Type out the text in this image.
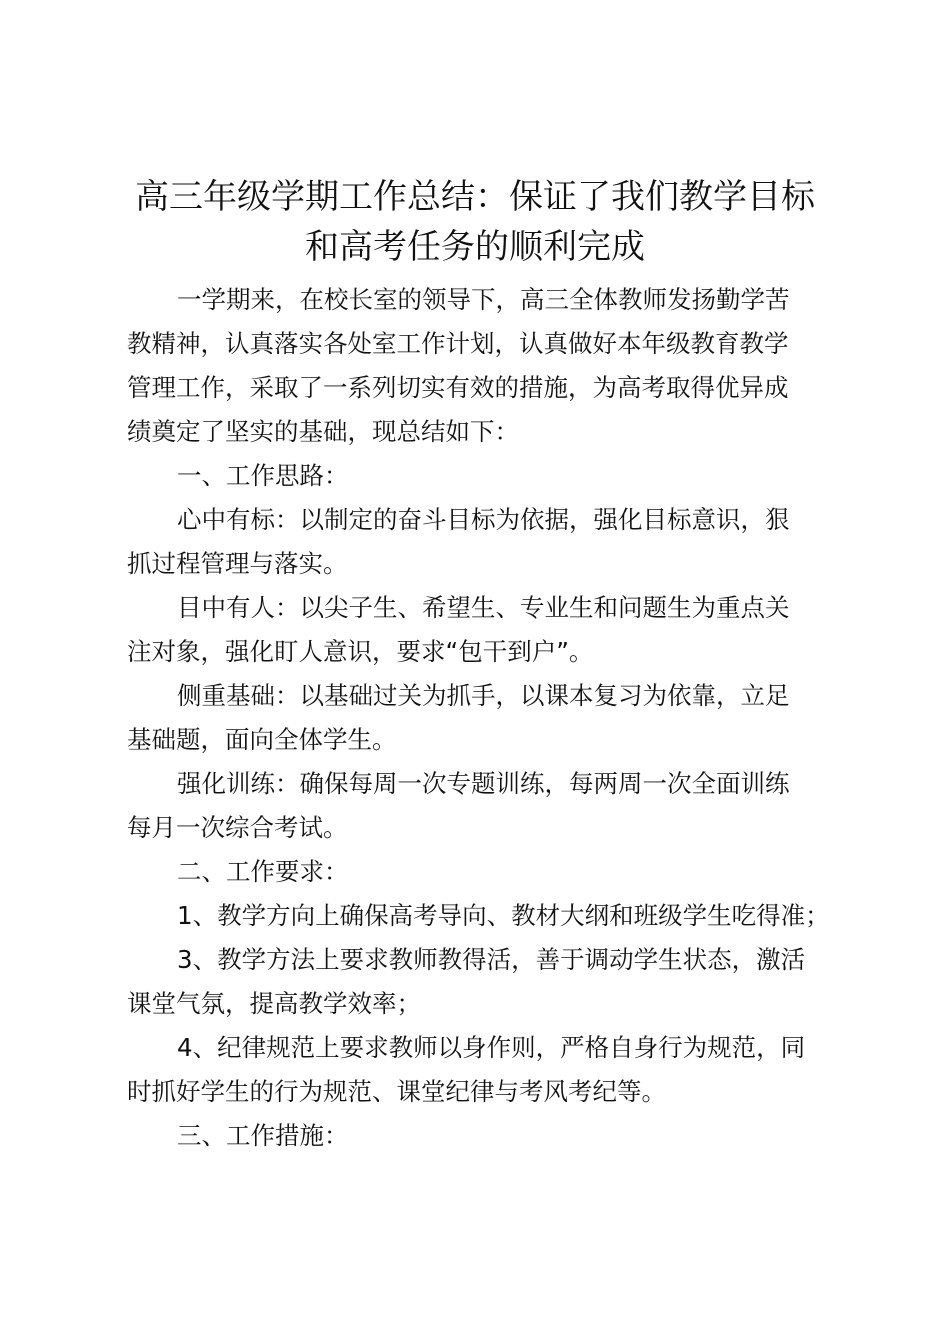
高三年级学期工作总结：保证了我们教学目标
和高考任务的顺利完成
一学期来，在校长室的领导下，高三全体教师发扬勤学苦
教精神，认真落实各处室工作计划，认真做好本年级教育教学
管理工作，采取了一系列切实有效的措施，为高考取得优异成
绩奠定了坚实的基础，现总结如下：
一、工作思路：
心中有标：以制定的奋斗目标为依据，强化目标意识，狠
抓过程管理与落实。
目中有人：以尖子生、希望生、专业生和问题生为重点关
注对象，强化盯人意识，要求“包干到户”。
侧重基础：以基础过关为抓手，以课本复习为依靠，立足
基础题，面向全体学生。
强化训练：确保每周一次专题训练，每两周一次全面训练
每月一次综合考试。
二、工作要求：
1、教学方向上确保高考导向、教材大纲和班级学生吃得准；
3、教学方法上要求教师教得活，善于调动学生状态，激活
课堂气氛，提高教学效率；
4、纪律规范上要求教师以身作则，严格自身行为规范，同
时抓好学生的行为规范、课堂纪律与考风考纪等。
三、工作措施：
